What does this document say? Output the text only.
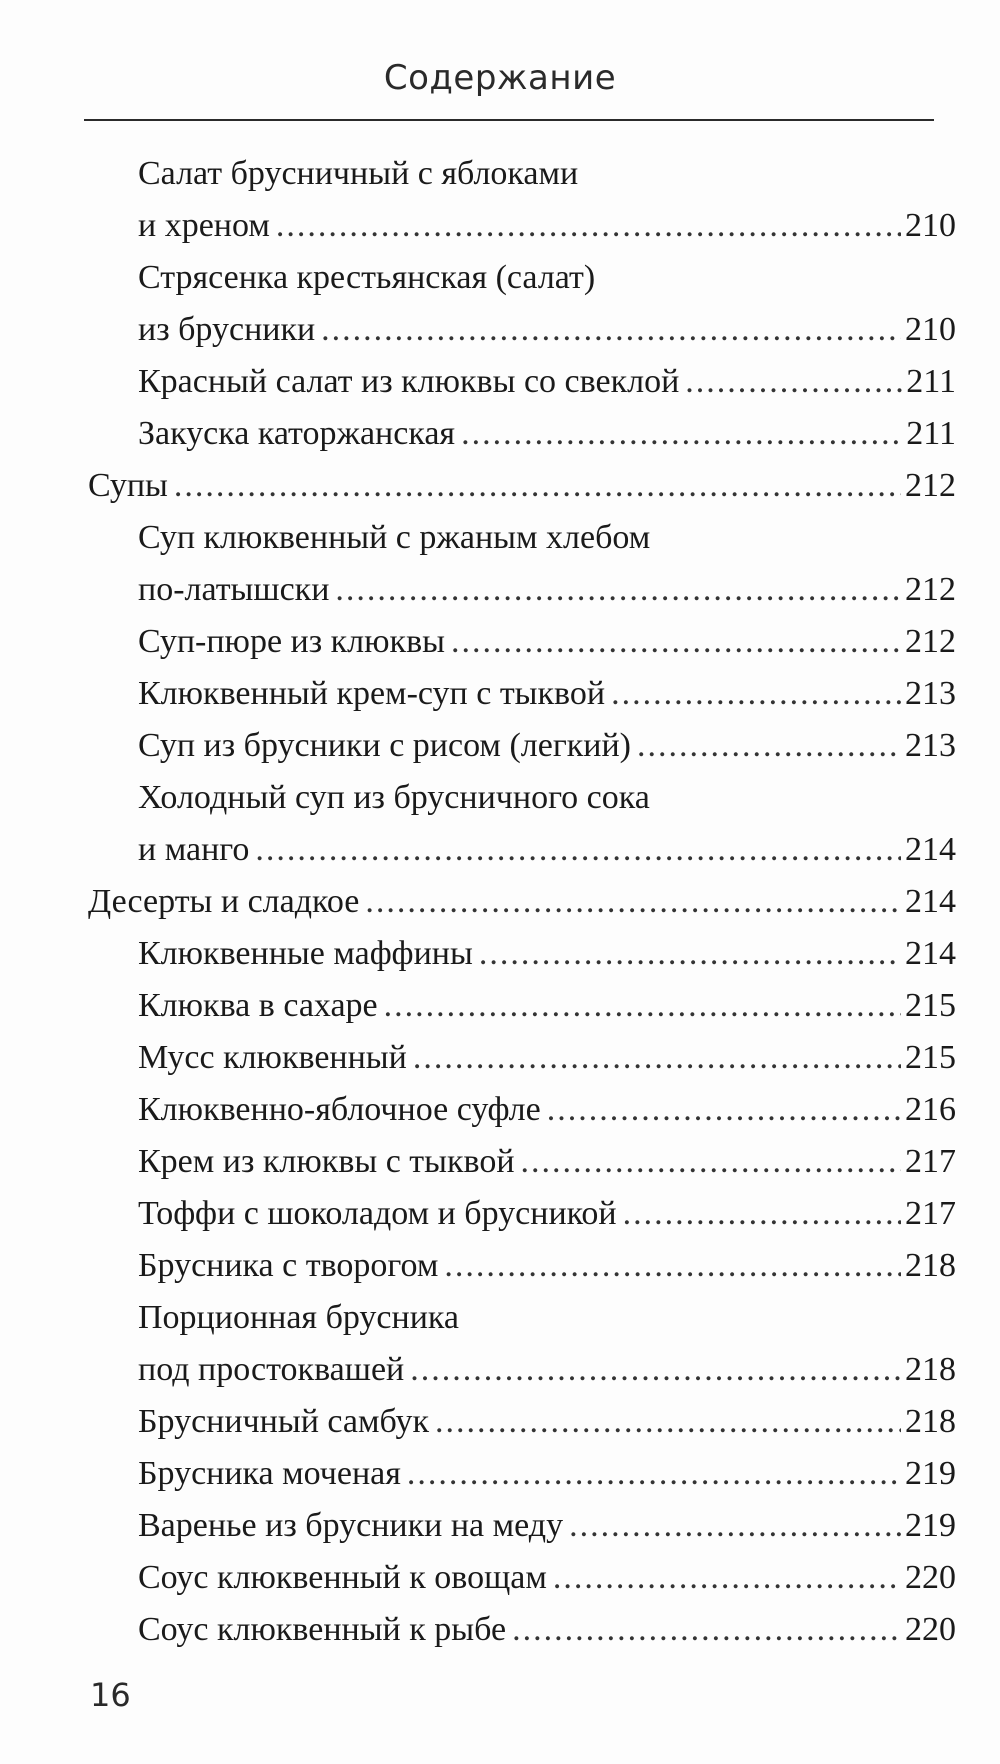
Содержание
Салат брусничный с яблоками
и хреном .....	210
Стрясенка крестьянская (салат)
из брусники .....	210
Красный салат из клюквы со свеклой .....	211
Закуска каторжанская .....	211
Супы .....	212
Суп клюквенный с ржаным хлебом
по-латышски .....	212
Суп-пюре из клюквы .....	212
Клюквенный крем-суп с тыквой .....	213
Суп из брусники с рисом (легкий) .....	213
Холодный суп из брусничного сока
и манго .....	214
Десерты и сладкое .....	214
Клюквенные маффины .....	214
Клюква в сахаре .....	215
Мусс клюквенный .....	215
Клюквенно-яблочное суфле .....	216
Крем из клюквы с тыквой .....	217
Тоффи с шоколадом и брусникой .....	217
Брусника с творогом .....	218
Порционная брусника
под простоквашей .....	218
Брусничный самбук .....	218
Брусника моченая .....	219
Варенье из брусники на меду .....	219
Соус клюквенный к овощам .....	220
Соус клюквенный к рыбе .....	220
16
